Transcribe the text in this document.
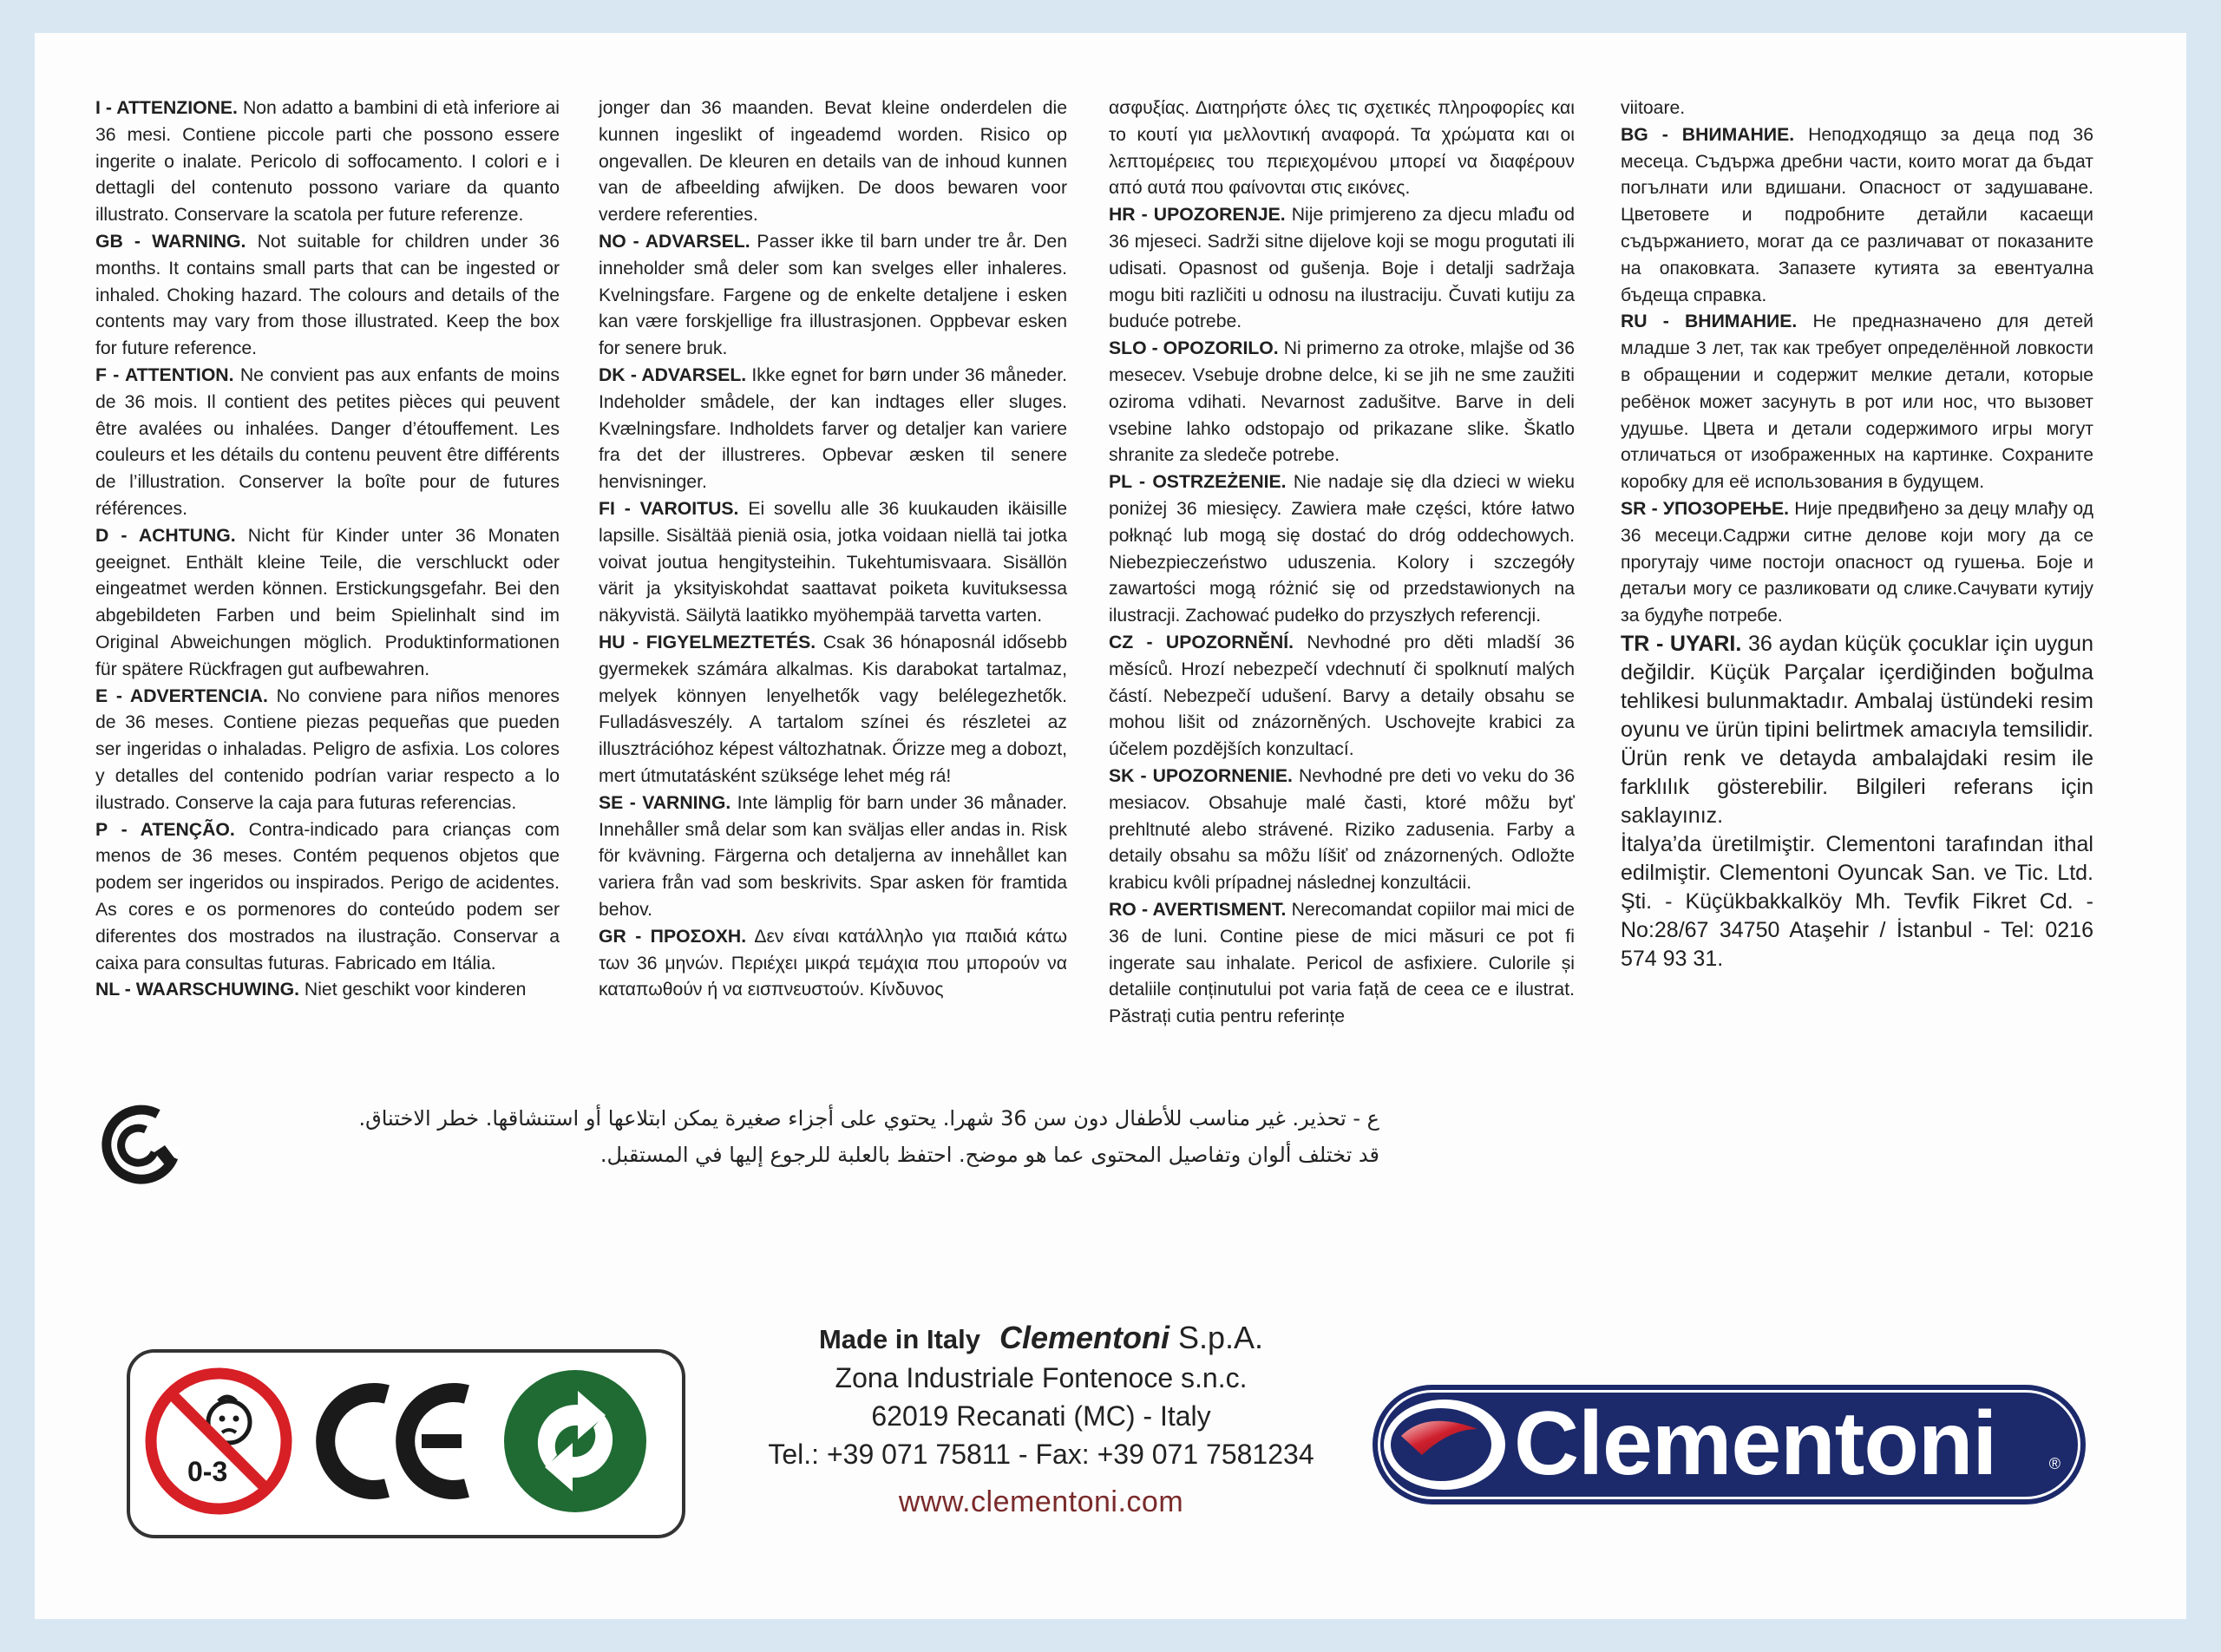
I - ATTENZIONE. Non adatto a bambini di età inferiore ai 36 mesi. Contiene piccole parti che possono essere ingerite o inalate. Pericolo di soffocamento. I colori e i dettagli del contenuto possono variare da quanto illustrato. Conservare la scatola per future referenze.

GB - WARNING. Not suitable for children under 36 months. It contains small parts that can be ingested or inhaled. Choking hazard. The colours and details of the contents may vary from those illustrated. Keep the box for future reference.

F - ATTENTION. Ne convient pas aux enfants de moins de 36 mois. Il contient des petites pièces qui peuvent être avalées ou inhalées. Danger d’étouffement. Les couleurs et les détails du contenu peuvent être différents de l’illustration. Conserver la boîte pour de futures références.

D - ACHTUNG. Nicht für Kinder unter 36 Monaten geeignet. Enthält kleine Teile, die verschluckt oder eingeatmet werden können. Erstickungsgefahr. Bei den abgebildeten Farben und beim Spielinhalt sind im Original Abweichungen möglich. Produktinformationen für spätere Rückfragen gut aufbewahren.

E - ADVERTENCIA. No conviene para niños menores de 36 meses. Contiene piezas pequeñas que pueden ser ingeridas o inhaladas. Peligro de asfixia. Los colores y detalles del contenido podrían variar respecto a lo ilustrado. Conserve la caja para futuras referencias.

P - ATENÇÃO. Contra-indicado para crianças com menos de 36 meses. Contém pequenos objetos que podem ser ingeridos ou inspirados. Perigo de acidentes. As cores e os pormenores do conteúdo podem ser diferentes dos mostrados na ilustração. Conservar a caixa para consultas futuras. Fabricado em Itália.

NL - WAARSCHUWING. Niet geschikt voor kinderen

jonger dan 36 maanden. Bevat kleine onderdelen die kunnen ingeslikt of ingeademd worden. Risico op ongevallen. De kleuren en details van de inhoud kunnen van de afbeelding afwijken. De doos bewaren voor verdere referenties.

NO - ADVARSEL. Passer ikke til barn under tre år. Den inneholder små deler som kan svelges eller inhaleres. Kvelningsfare. Fargene og de enkelte detaljene i esken kan være forskjellige fra illustrasjonen. Oppbevar esken for senere bruk.

DK - ADVARSEL. Ikke egnet for børn under 36 måneder. Indeholder smådele, der kan indtages eller sluges. Kvælningsfare. Indholdets farver og detaljer kan variere fra det der illustreres. Opbevar æsken til senere henvisninger.

FI - VAROITUS. Ei sovellu alle 36 kuukauden ikäisille lapsille. Sisältää pieniä osia, jotka voidaan niellä tai jotka voivat joutua hengitysteihin. Tukehtumisvaara. Sisällön värit ja yksityiskohdat saattavat poiketa kuvituksessa näkyvistä. Säilytä laatikko myöhempää tarvetta varten.

HU - FIGYELMEZTETÉS. Csak 36 hónaposnál idősebb gyermekek számára alkalmas. Kis darabokat tartalmaz, melyek könnyen lenyelhetők vagy belélegezhetők. Fulladásveszély. A tartalom színei és részletei az illusztrációhoz képest változhatnak. Őrizze meg a dobozt, mert útmutatásként szüksége lehet még rá!

SE - VARNING. Inte lämplig för barn under 36 månader. Innehåller små delar som kan sväljas eller andas in. Risk för kvävning. Färgerna och detaljerna av innehållet kan variera från vad som beskrivits. Spar asken för framtida behov.

GR - ΠΡΟΣΟΧΗ. Δεν είναι κατάλληλο για παιδιά κάτω των 36 μηνών. Περιέχει μικρά τεμάχια που μπορούν να καταπωθούν ή να εισπνευστούν. Κίνδυνος

ασφυξίας. Διατηρήστε όλες τις σχετικές πληροφορίες και το κουτί για μελλοντική αναφορά. Τα χρώματα και οι λεπτομέρειες του περιεχομένου μπορεί να διαφέρουν από αυτά που φαίνονται στις εικόνες.

HR - UPOZORENJE. Nije primjereno za djecu mlađu od 36 mjeseci. Sadrži sitne dijelove koji se mogu progutati ili udisati. Opasnost od gušenja. Boje i detalji sadržaja mogu biti različiti u odnosu na ilustraciju. Čuvati kutiju za buduće potrebe.

SLO - OPOZORILO. Ni primerno za otroke, mlajše od 36 mesecev. Vsebuje drobne delce, ki se jih ne sme zaužiti oziroma vdihati. Nevarnost zadušitve. Barve in deli vsebine lahko odstopajo od prikazane slike. Škatlo shranite za sledeče potrebe.

PL - OSTRZEŻENIE. Nie nadaje się dla dzieci w wieku poniżej 36 miesięcy. Zawiera małe części, które łatwo połknąć lub mogą się dostać do dróg oddechowych. Niebezpieczeństwo uduszenia. Kolory i szczegóły zawartości mogą różnić się od przedstawionych na ilustracji. Zachować pudełko do przyszłych referencji.

CZ - UPOZORNĚNÍ. Nevhodné pro děti mladší 36 měsíců. Hrozí nebezpečí vdechnutí či spolknutí malých částí. Nebezpečí udušení. Barvy a detaily obsahu se mohou lišit od znázorněných. Uschovejte krabici za účelem pozdějších konzultací.

SK - UPOZORNENIE. Nevhodné pre deti vo veku do 36 mesiacov. Obsahuje malé časti, ktoré môžu byť prehltnuté alebo strávené. Riziko zadusenia. Farby a detaily obsahu sa môžu líšiť od znázornených. Odložte krabicu kvôli prípadnej následnej konzultácii.

RO - AVERTISMENT. Nerecomandat copiilor mai mici de 36 de luni. Contine piese de mici măsuri ce pot fi ingerate sau inhalate. Pericol de asfixiere. Culorile și detaliile conținutului pot varia față de ceea ce e ilustrat. Păstrați cutia pentru referințe

viitoare.

BG - ВНИМАНИЕ. Неподходящо за деца под 36 месеца. Съдържа дребни части, които могат да бъдат погълнати или вдишани. Опасност от задушаване. Цветовете и подробните детайли касаещи съдържанието, могат да се различават от показаните на опаковката. Запазете кутията за евентуална бъдеща справка.

RU - ВНИМАНИЕ. Не предназначено для детей младше 3 лет, так как требует определённой ловкости в обращении и содержит мелкие детали, которые ребёнок может засунуть в рот или нос, что вызовет удушье. Цвета и детали содержимого игры могут отличаться от изображенных на картинке. Сохраните коробку для её использования в будущем.

SR - УПОЗОРЕЊЕ. Није предвиђено за децу млађу од 36 месеци.Садржи ситне делове који могу да се прогутају чиме постоји опасност од гушења. Боје и детаљи могу се разликовати од слике.Сачувати кутију за будуће потребе.

TR - UYARI. 36 aydan küçük çocuklar için uygun değildir. Küçük Parçalar içerdiğinden boğulma tehlikesi bulunmaktadır. Ambalaj üstündeki resim oyunu ve ürün tipini belirtmek amacıyla temsilidir. Ürün renk ve detayda ambalajdaki resim ile farklılık gösterebilir. Bilgileri referans için saklayınız.

İtalya’da üretilmiştir. Clementoni tarafından ithal edilmiştir. Clementoni Oyuncak San. ve Tic. Ltd. Şti. - Küçükbakkalköy Mh. Tevfik Fikret Cd. - No:28/67 34750 Ataşehir / İstanbul - Tel: 0216 574 93 31.

ع - تحذير. غير مناسب للأطفال دون سن 36 شهرا. يحتوي على أجزاء صغيرة يمكن ابتلاعها أو استنشاقها. خطر الاختناق.

قد تختلف ألوان وتفاصيل المحتوى عما هو موضح. احتفظ بالعلبة للرجوع إليها في المستقبل.

0-3
Made in Italy Clementoni S.p.A.
Zona Industriale Fontenoce s.n.c.
62019 Recanati (MC) - Italy
Tel.: +39 071 75811 - Fax: +39 071 7581234
www.clementoni.com
Clementoni	®
